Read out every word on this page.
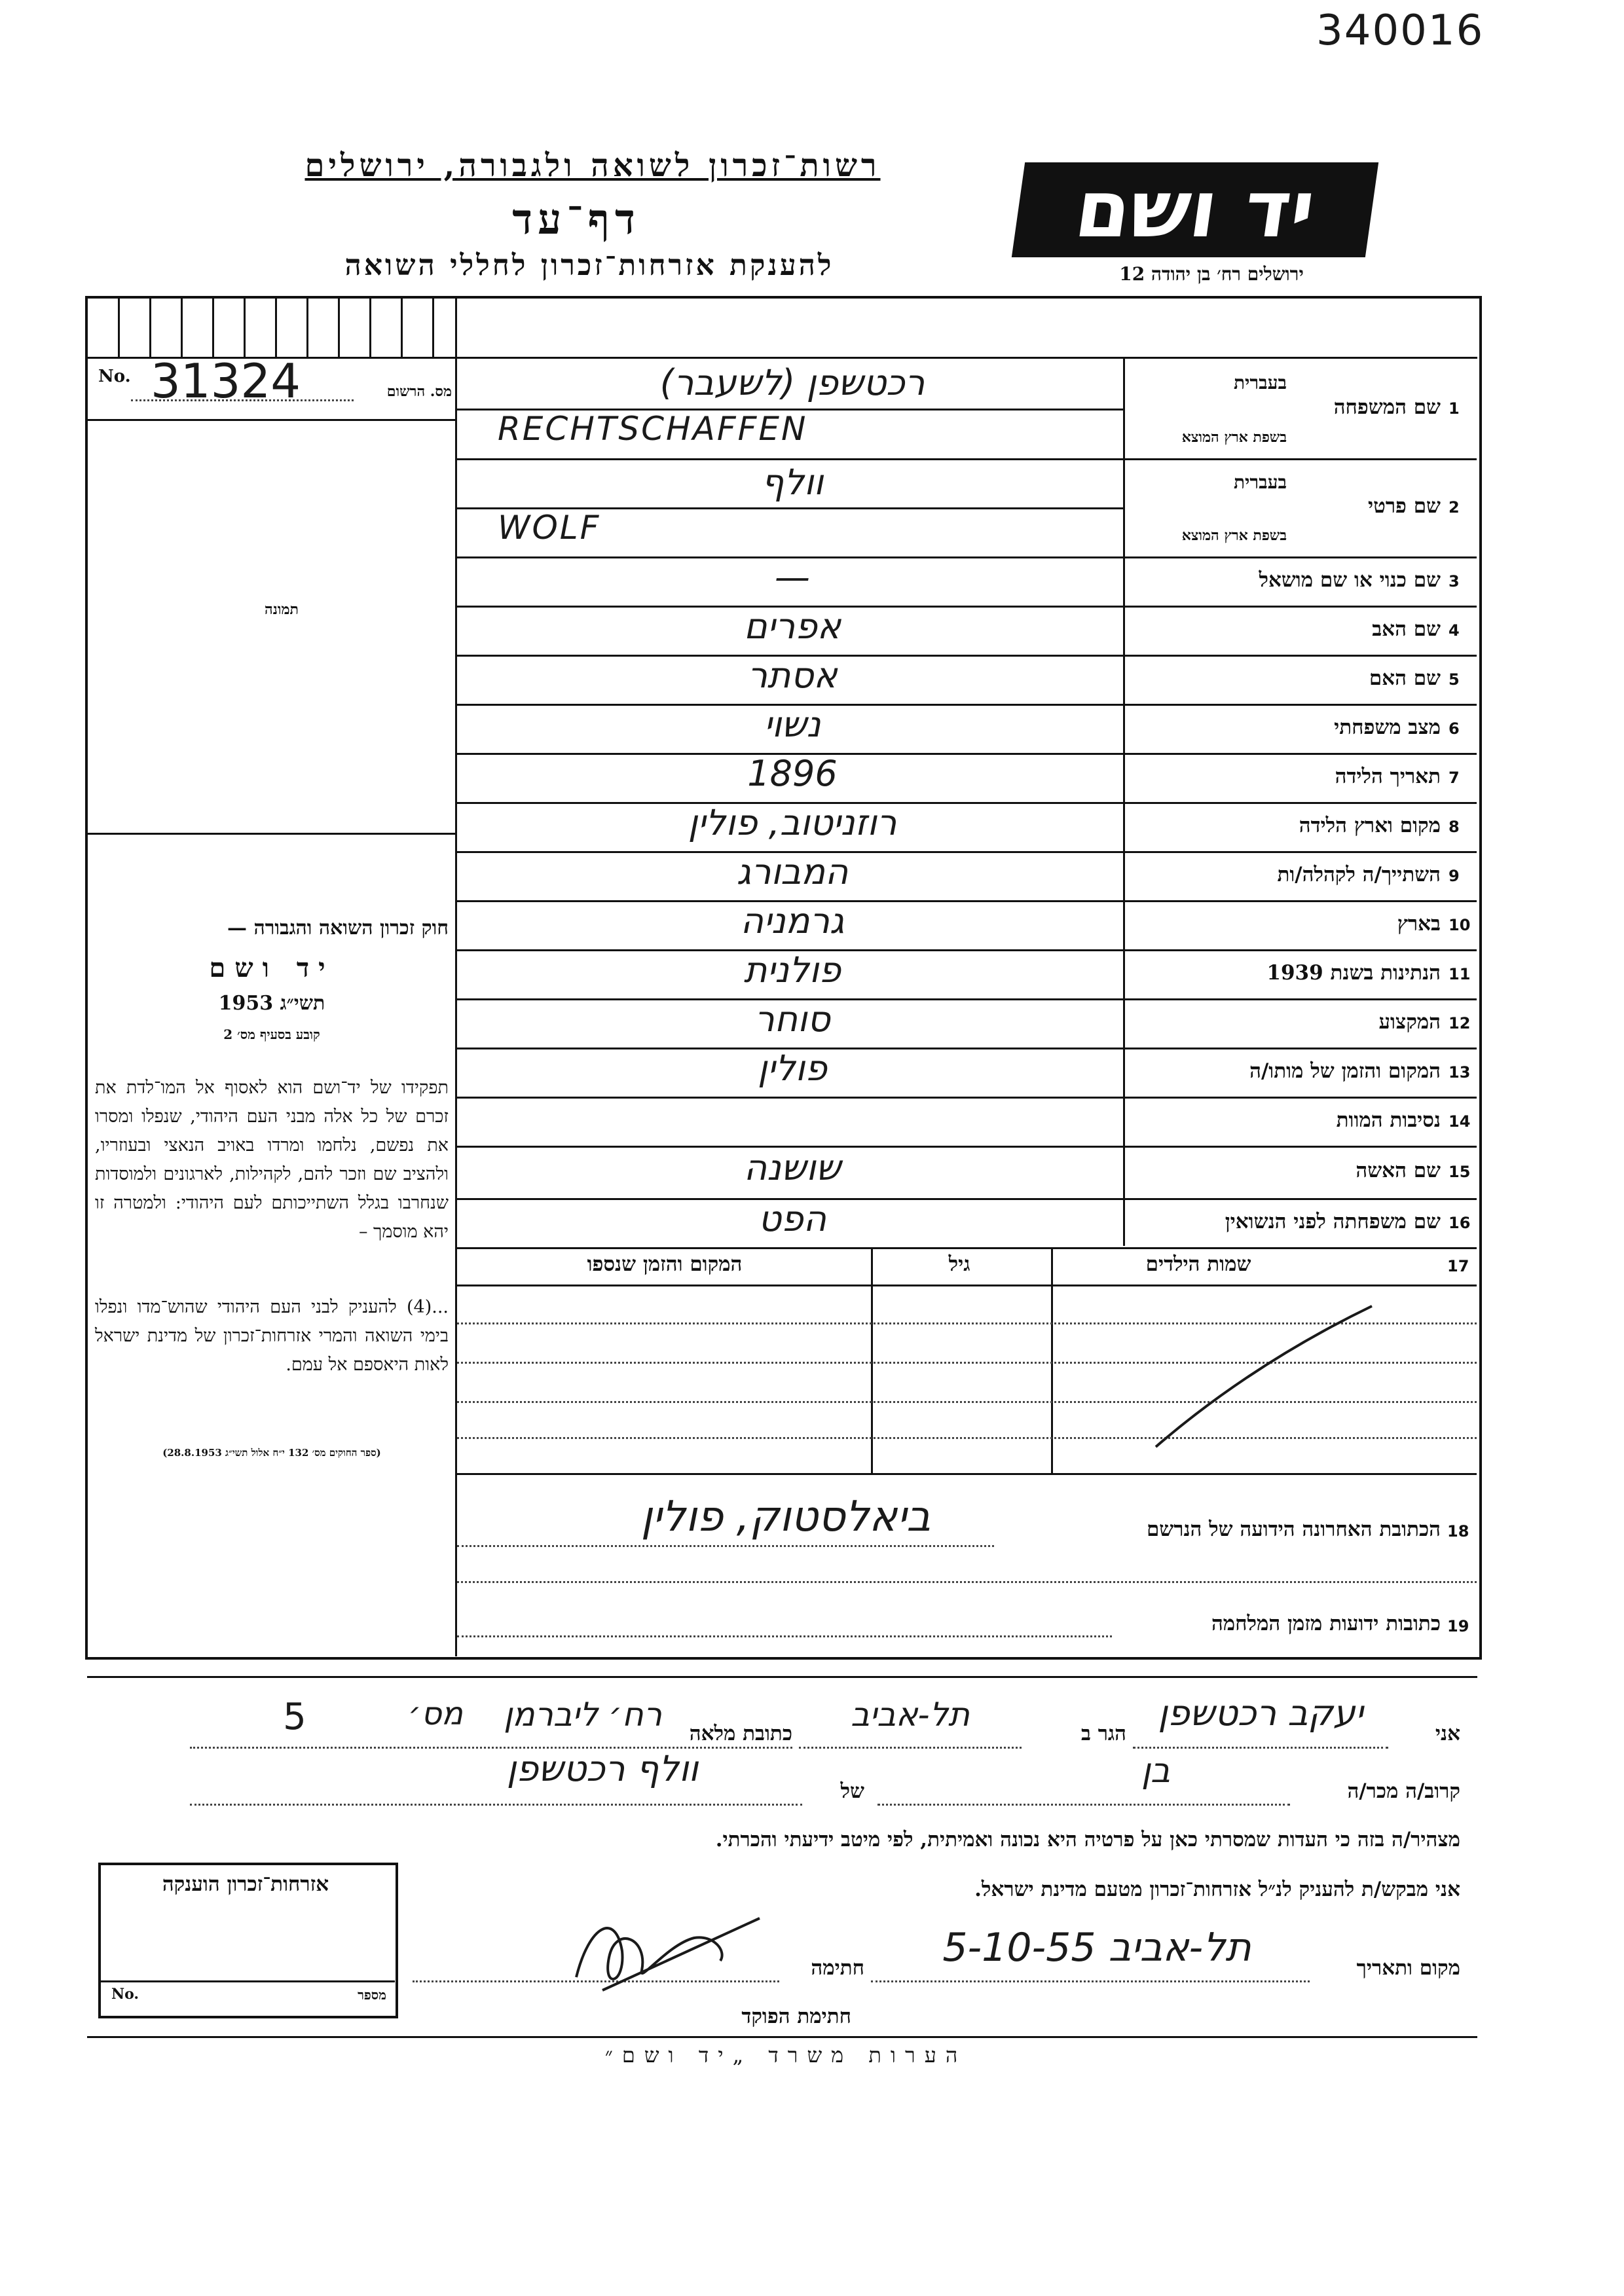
340016
רשות־זכרון לשואה ולגבורה, ירושלים
דף־עד
להענקת אזרחות־זכרון לחללי השואה
יד ושם
ירושלים רח׳ בן יהודה 12
No. 31324	מס. הרשום
תמונה
חוק זכרון השואה והגבורה —
יד ושם
תשי״ג 1953
קובע בסעיף מס׳ 2
תפקידו של יד־ושם הוא לאסוף אל המו־לדת את זכרם של כל אלה מבני העם היהודי, שנפלו ומסרו את נפשם, נלחמו ומרדו באויב הנאצי ובעוזריו, ולהציב שם וזכר להם, לקהילות, לארגונים ולמוסדות שנחרבו בגלל השתייכותם לעם היהודי: ולמטרה זו יהא מוסמך –
...(4) להעניק לבני העם היהודי שהוש־מדו ונפלו בימי השואה והמרי אזרחות־זכרון של מדינת ישראל לאות היאספם אל עמם.
(ספר החוקים מס׳ 132 י״ח אלול תשי״ג 28.8.1953)
1
שם המשפחה
בעברית
בשפת ארץ המוצא
רכטשפן (לשעבר)
RECHTSCHAFFEN
2
שם פרטי
בעברית
בשפת ארץ המוצא
וולף
WOLF
3
שם כנוי או שם מושאל
—
4
שם האב
אפרים
5
שם האם
אסתר
6
מצב משפחתי
נשוי
7
תאריך הלידה
1896
8
מקום וארץ הלידה
רוזניטוב, פולין
9
השתייך/ה לקהלה/ות
המבורג
10
בארץ
גרמניה
11
הנתינות בשנת 1939
פולנית
12
המקצוע
סוחר
13
המקום והזמן של מותו/ה
פולין
14
נסיבות המוות
15
שם האשה
שושנה
16
שם משפחתה לפני הנשואין
הפט
17
שמות הילדים
גיל
המקום והזמן שנספו
18
הכתובת האחרונה הידועה של הנרשם
ביאלסטוק, פולין
19
כתובות ידועות מזמן המלחמה
אני
יעקב רכטשפן
הגר ב
תל-אביב
כתובת מלאה
רח׳ ליברמן
מס׳
5
קרוב/ה מכר/ה
בן
של
וולף רכטשפן
מצהיר/ה בזה כי העדות שמסרתי כאן על פרטיה היא נכונה ואמיתית, לפי מיטב ידיעתי והכרתי.
אני מבקש/ת להעניק לנ״ל אזרחות־זכרון מטעם מדינת ישראל.
מקום ותאריך
תל-אביב 5-10-55
חתימה
חתימת הפוקד
אזרחות־זכרון הוענקה
No.	מספר
הערות משרד „יד ושם״
